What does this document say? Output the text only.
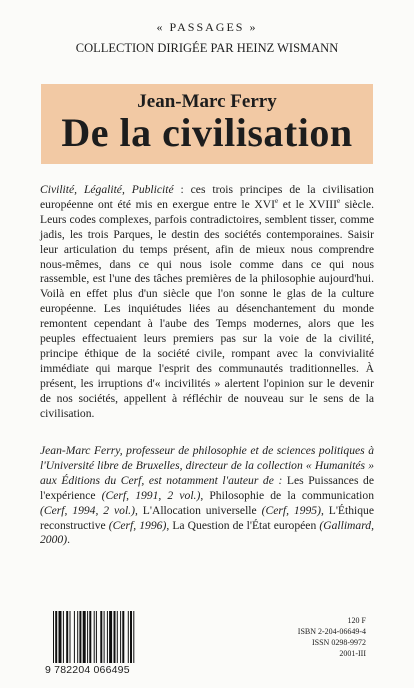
« PASSAGES »
COLLECTION DIRIGÉE PAR HEINZ WISMANN
Jean-Marc Ferry
De la civilisation

Civilité, Légalité, Publicité : ces trois principes de la civilisation européenne ont été mis en exergue entre le XVIe et le XVIIIe siècle. Leurs codes complexes, parfois contradictoires, semblent tisser, comme jadis, les trois Parques, le destin des sociétés contemporaines. Saisir leur articulation du temps présent, afin de mieux nous comprendre nous-mêmes, dans ce qui nous isole comme dans ce qui nous rassemble, est l'une des tâches premières de la philosophie aujourd'hui. Voilà en effet plus d'un siècle que l'on sonne le glas de la culture européenne. Les inquiétudes liées au désenchantement du monde remontent cependant à l'aube des Temps modernes, alors que les peuples effectuaient leurs premiers pas sur la voie de la civilité, principe éthique de la société civile, rompant avec la convivialité immédiate qui marque l'esprit des communautés traditionnelles. À présent, les irruptions d'« incivilités » alertent l'opinion sur le devenir de nos sociétés, appellent à réfléchir de nouveau sur le sens de la civilisation.

Jean-Marc Ferry, professeur de philosophie et de sciences politiques à l'Université libre de Bruxelles, directeur de la collection « Humanités » aux Éditions du Cerf, est notamment l'auteur de : Les Puissances de l'expérience (Cerf, 1991, 2 vol.), Philosophie de la communication (Cerf, 1994, 2 vol.), L'Allocation universelle (Cerf, 1995), L'Éthique reconstructive (Cerf, 1996), La Question de l'État européen (Gallimard, 2000).

9 782204 066495
120 F
ISBN 2-204-06649-4
ISSN 0298-9972
2001-III
